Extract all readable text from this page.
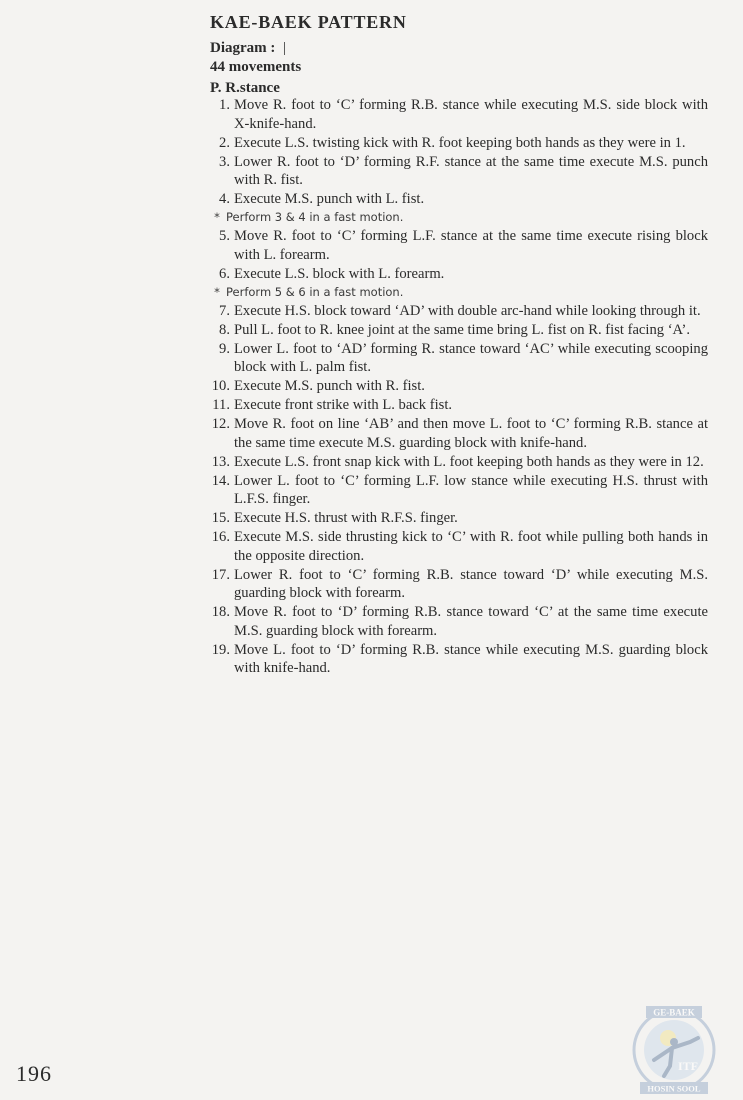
KAE-BAEK PATTERN
Diagram : |
44 movements
P. R.stance
1. Move R. foot to ‘C’ forming R.B. stance while executing M.S. side block with X-knife-hand.
2. Execute L.S. twisting kick with R. foot keeping both hands as they were in 1.
3. Lower R. foot to ‘D’ forming R.F. stance at the same time execute M.S. punch with R. fist.
4. Execute M.S. punch with L. fist.
* Perform 3 & 4 in a fast motion.
5. Move R. foot to ‘C’ forming L.F. stance at the same time execute rising block with L. forearm.
6. Execute L.S. block with L. forearm.
* Perform 5 & 6 in a fast motion.
7. Execute H.S. block toward ‘AD’ with double arc-hand while looking through it.
8. Pull L. foot to R. knee joint at the same time bring L. fist on R. fist facing ‘A’.
9. Lower L. foot to ‘AD’ forming R. stance toward ‘AC’ while executing scooping block with L. palm fist.
10. Execute M.S. punch with R. fist.
11. Execute front strike with L. back fist.
12. Move R. foot on line ‘AB’ and then move L. foot to ‘C’ forming R.B. stance at the same time execute M.S. guarding block with knife-hand.
13. Execute L.S. front snap kick with L. foot keeping both hands as they were in 12.
14. Lower L. foot to ‘C’ forming L.F. low stance while executing H.S. thrust with L.F.S. finger.
15. Execute H.S. thrust with R.F.S. finger.
16. Execute M.S. side thrusting kick to ‘C’ with R. foot while pulling both hands in the opposite direction.
17. Lower R. foot to ‘C’ forming R.B. stance toward ‘D’ while executing M.S. guarding block with forearm.
18. Move R. foot to ‘D’ forming R.B. stance toward ‘C’ at the same time execute M.S. guarding block with forearm.
19. Move L. foot to ‘D’ forming R.B. stance while executing M.S. guarding block with knife-hand.
196
GE-BAEK
ITF
HOSIN SOOL
